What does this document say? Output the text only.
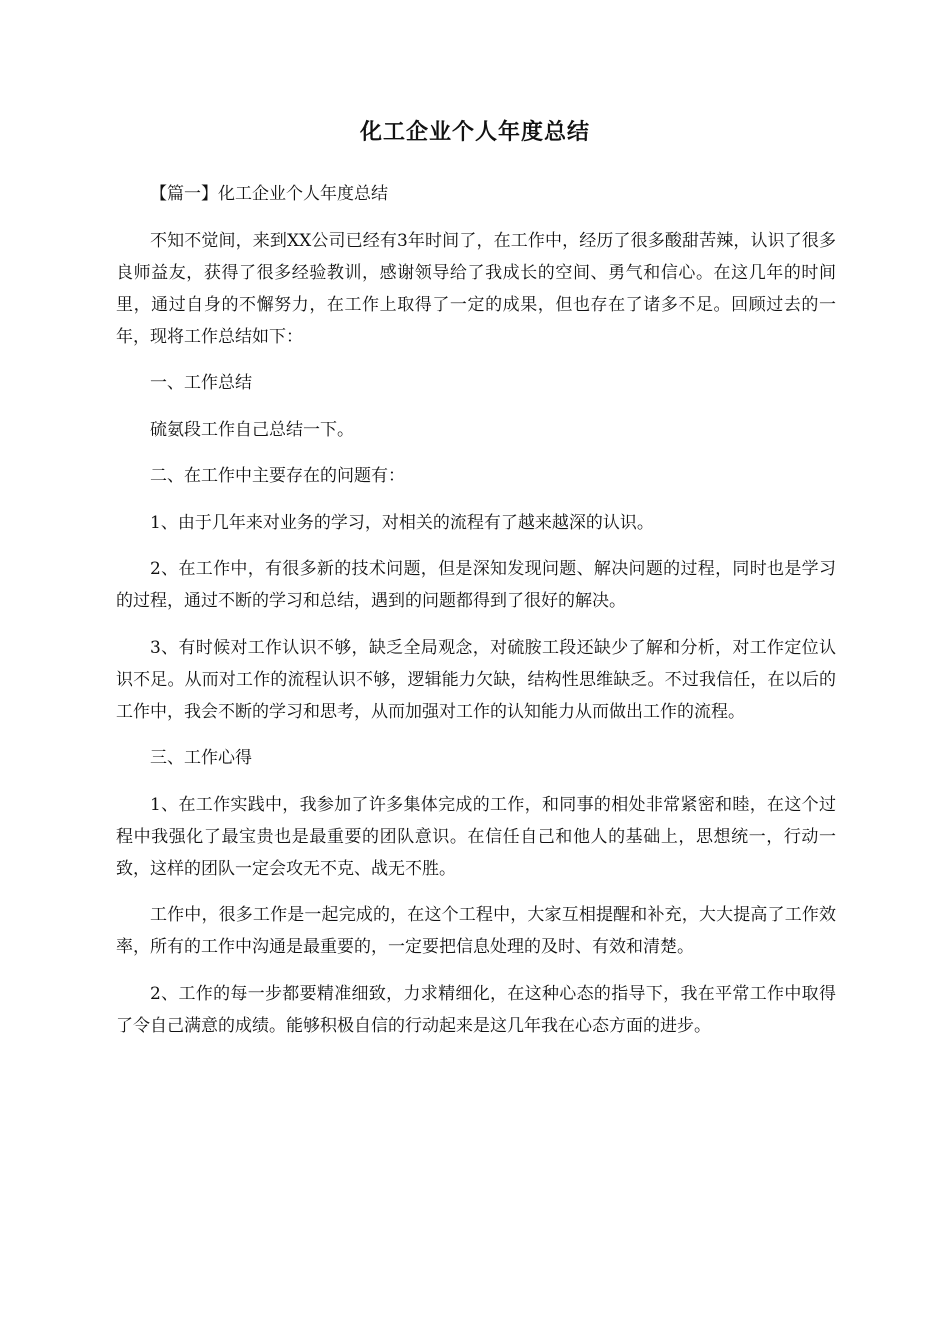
化工企业个人年度总结

【篇一】化工企业个人年度总结

不知不觉间，来到XX公司已经有3年时间了，在工作中，经历了很多酸甜苦辣，认识了很多良师益友，获得了很多经验教训，感谢领导给了我成长的空间、勇气和信心。在这几年的时间里，通过自身的不懈努力，在工作上取得了一定的成果，但也存在了诸多不足。回顾过去的一年，现将工作总结如下：

一、工作总结

硫氨段工作自己总结一下。

二、在工作中主要存在的问题有：

1、由于几年来对业务的学习，对相关的流程有了越来越深的认识。

2、在工作中，有很多新的技术问题，但是深知发现问题、解决问题的过程，同时也是学习的过程，通过不断的学习和总结，遇到的问题都得到了很好的解决。

3、有时候对工作认识不够，缺乏全局观念，对硫胺工段还缺少了解和分析，对工作定位认识不足。从而对工作的流程认识不够，逻辑能力欠缺，结构性思维缺乏。不过我信任，在以后的工作中，我会不断的学习和思考，从而加强对工作的认知能力从而做出工作的流程。

三、工作心得

1、在工作实践中，我参加了许多集体完成的工作，和同事的相处非常紧密和睦，在这个过程中我强化了最宝贵也是最重要的团队意识。在信任自己和他人的基础上，思想统一，行动一致，这样的团队一定会攻无不克、战无不胜。

工作中，很多工作是一起完成的，在这个工程中，大家互相提醒和补充，大大提高了工作效率，所有的工作中沟通是最重要的，一定要把信息处理的及时、有效和清楚。

2、工作的每一步都要精准细致，力求精细化，在这种心态的指导下，我在平常工作中取得了令自己满意的成绩。能够积极自信的行动起来是这几年我在心态方面的进步。
